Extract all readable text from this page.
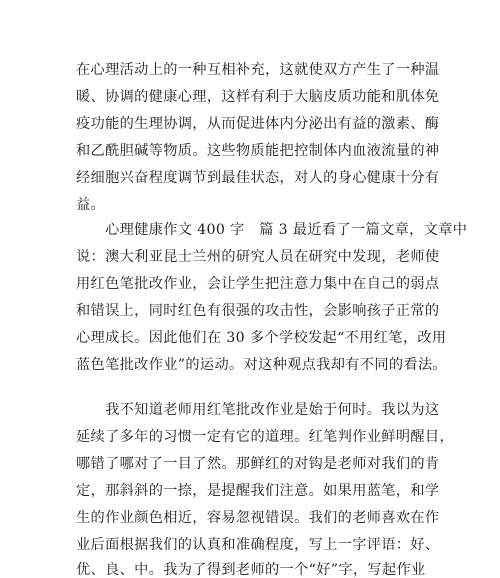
在心理活动上的一种互相补充，这就使双方产生了一种温
暖、协调的健康心理，这样有利于大脑皮质功能和肌体免
疫功能的生理协调，从而促进体内分泌出有益的激素、酶
和乙酰胆碱等物质。这些物质能把控制体内血液流量的神
经细胞兴奋程度调节到最佳状态，对人的身心健康十分有
益。
　　心理健康作文 400 字　篇 3 最近看了一篇文章，文章中
说：澳大利亚昆士兰州的研究人员在研究中发现，老师使
用红色笔批改作业，会让学生把注意力集中在自己的弱点
和错误上，同时红色有很强的攻击性，会影响孩子正常的
心理成长。因此他们在 30 多个学校发起“不用红笔，改用
蓝色笔批改作业”的运动。对这种观点我却有不同的看法。
　　我不知道老师用红笔批改作业是始于何时。我以为这
延续了多年的习惯一定有它的道理。红笔判作业鲜明醒目，
哪错了哪对了一目了然。那鲜红的对钩是老师对我们的肯
定，那斜斜的一捺，是提醒我们注意。如果用蓝笔，和学
生的作业颜色相近，容易忽视错误。我们的老师喜欢在作
业后面根据我们的认真和准确程度，写上一字评语：好、
优、良、中。我为了得到老师的一个“好”字，写起作业
